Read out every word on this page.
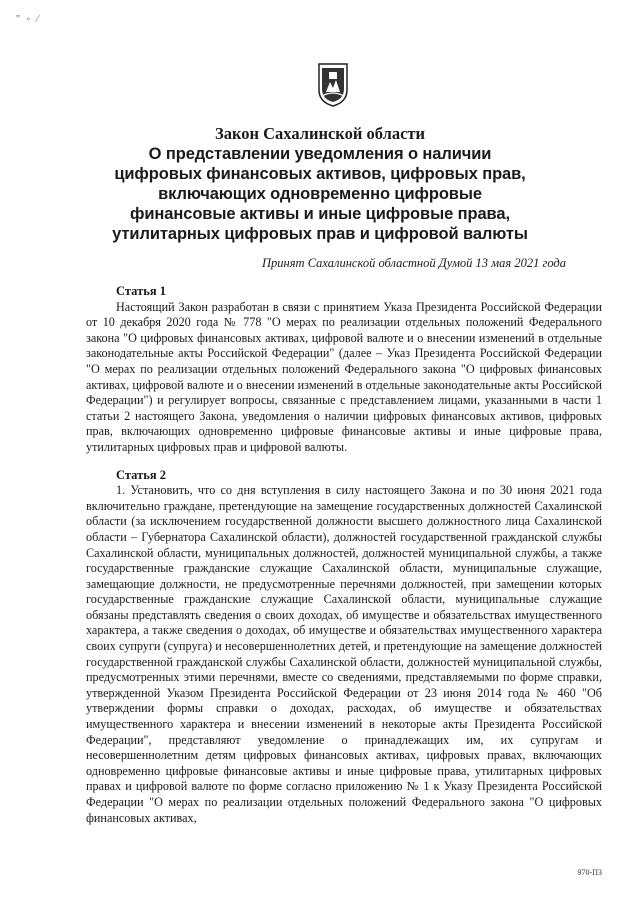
" ◦ ⁄
Закон Сахалинской области
О представлении уведомления о наличии
цифровых финансовых активов, цифровых прав,
включающих одновременно цифровые
финансовые активы и иные цифровые права,
утилитарных цифровых прав и цифровой валюты
Принят Сахалинской областной Думой 13 мая 2021 года
Статья 1

Настоящий Закон разработан в связи с принятием Указа Президента Российской Федерации от 10 декабря 2020 года № 778 "О мерах по реализации отдельных положений Федерального закона "О цифровых финансовых активах, цифровой валюте и о внесении изменений в отдельные законодательные акты Российской Федерации" (далее – Указ Президента Российской Федерации "О мерах по реализации отдельных положений Федерального закона "О цифровых финансовых активах, цифровой валюте и о внесении изменений в отдельные законодательные акты Российской Федерации") и регулирует вопросы, связанные с представлением лицами, указанными в части 1 статьи 2 настоящего Закона, уведомления о наличии цифровых финансовых активов, цифровых прав, включающих одновременно цифровые финансовые активы и иные цифровые права, утилитарных цифровых прав и цифровой валюты.

Статья 2

1. Установить, что со дня вступления в силу настоящего Закона и по 30 июня 2021 года включительно граждане, претендующие на замещение государственных должностей Сахалинской области (за исключением государственной должности высшего должностного лица Сахалинской области – Губернатора Сахалинской области), должностей государственной гражданской службы Сахалинской области, муниципальных должностей, должностей муниципальной службы, а также государственные гражданские служащие Сахалинской области, муниципальные служащие, замещающие должности, не предусмотренные перечнями должностей, при замещении которых государственные гражданские служащие Сахалинской области, муниципальные служащие обязаны представлять сведения о своих доходах, об имуществе и обязательствах имущественного характера, а также сведения о доходах, об имуществе и обязательствах имущественного характера своих супруги (супруга) и несовершеннолетних детей, и претендующие на замещение должностей государственной гражданской службы Сахалинской области, должностей муниципальной службы, предусмотренных этими перечнями, вместе со сведениями, представляемыми по форме справки, утвержденной Указом Президента Российской Федерации от 23 июня 2014 года № 460 "Об утверждении формы справки о доходах, расходах, об имуществе и обязательствах имущественного характера и внесении изменений в некоторые акты Президента Российской Федерации", представляют уведомление о принадлежащих им, их супругам и несовершеннолетним детям цифровых финансовых активах, цифровых правах, включающих одновременно цифровые финансовые активы и иные цифровые права, утилитарных цифровых правах и цифровой валюте по форме согласно приложению № 1 к Указу Президента Российской Федерации "О мерах по реализации отдельных положений Федерального закона "О цифровых финансовых активах,

970-ПЗ
